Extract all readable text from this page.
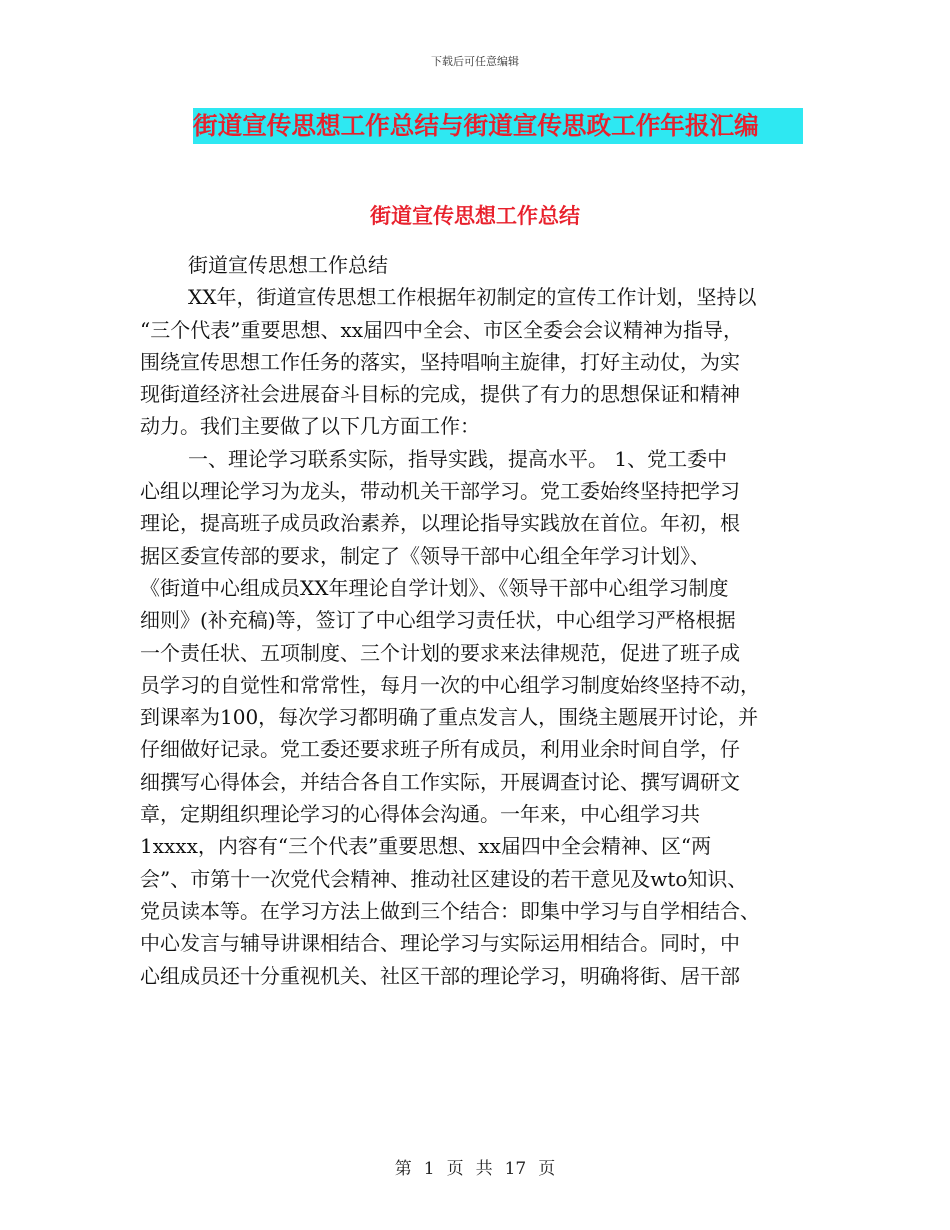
下载后可任意编辑
街道宣传思想工作总结与街道宣传思政工作年报汇编
街道宣传思想工作总结
街道宣传思想工作总结
XX年，街道宣传思想工作根据年初制定的宣传工作计划，坚持以
“三个代表”重要思想、xx届四中全会、市区全委会会议精神为指导，
围绕宣传思想工作任务的落实，坚持唱响主旋律，打好主动仗，为实
现街道经济社会进展奋斗目标的完成，提供了有力的思想保证和精神
动力。我们主要做了以下几方面工作：
一、理论学习联系实际，指导实践，提高水平。 1、党工委中
心组以理论学习为龙头，带动机关干部学习。党工委始终坚持把学习
理论，提高班子成员政治素养，以理论指导实践放在首位。年初，根
据区委宣传部的要求，制定了《领导干部中心组全年学习计划》、
《街道中心组成员XX年理论自学计划》、《领导干部中心组学习制度
细则》(补充稿)等，签订了中心组学习责任状，中心组学习严格根据
一个责任状、五项制度、三个计划的要求来法律规范，促进了班子成
员学习的自觉性和常常性，每月一次的中心组学习制度始终坚持不动，
到课率为100，每次学习都明确了重点发言人，围绕主题展开讨论，并
仔细做好记录。党工委还要求班子所有成员，利用业余时间自学，仔
细撰写心得体会，并结合各自工作实际，开展调查讨论、撰写调研文
章，定期组织理论学习的心得体会沟通。一年来，中心组学习共
1xxxx，内容有“三个代表”重要思想、xx届四中全会精神、区“两
会”、市第十一次党代会精神、推动社区建设的若干意见及wto知识、
党员读本等。在学习方法上做到三个结合：即集中学习与自学相结合、
中心发言与辅导讲课相结合、理论学习与实际运用相结合。同时，中
心组成员还十分重视机关、社区干部的理论学习，明确将街、居干部
第 1 页 共 17 页
